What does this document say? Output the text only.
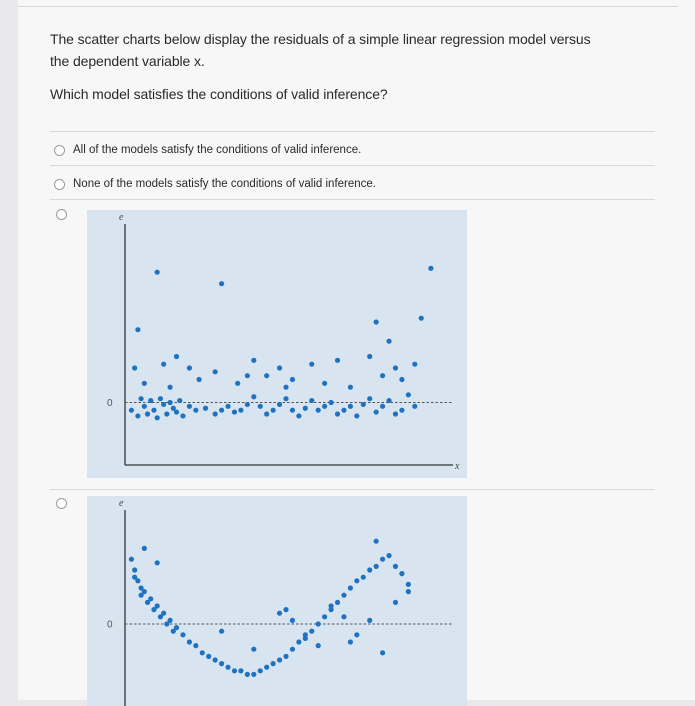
The scatter charts below display the residuals of a simple linear regression model versus the dependent variable x.

Which model satisfies the conditions of valid inference?

All of the models satisfy the conditions of valid inference.
None of the models satisfy the conditions of valid inference.
e
x
0
e
0
